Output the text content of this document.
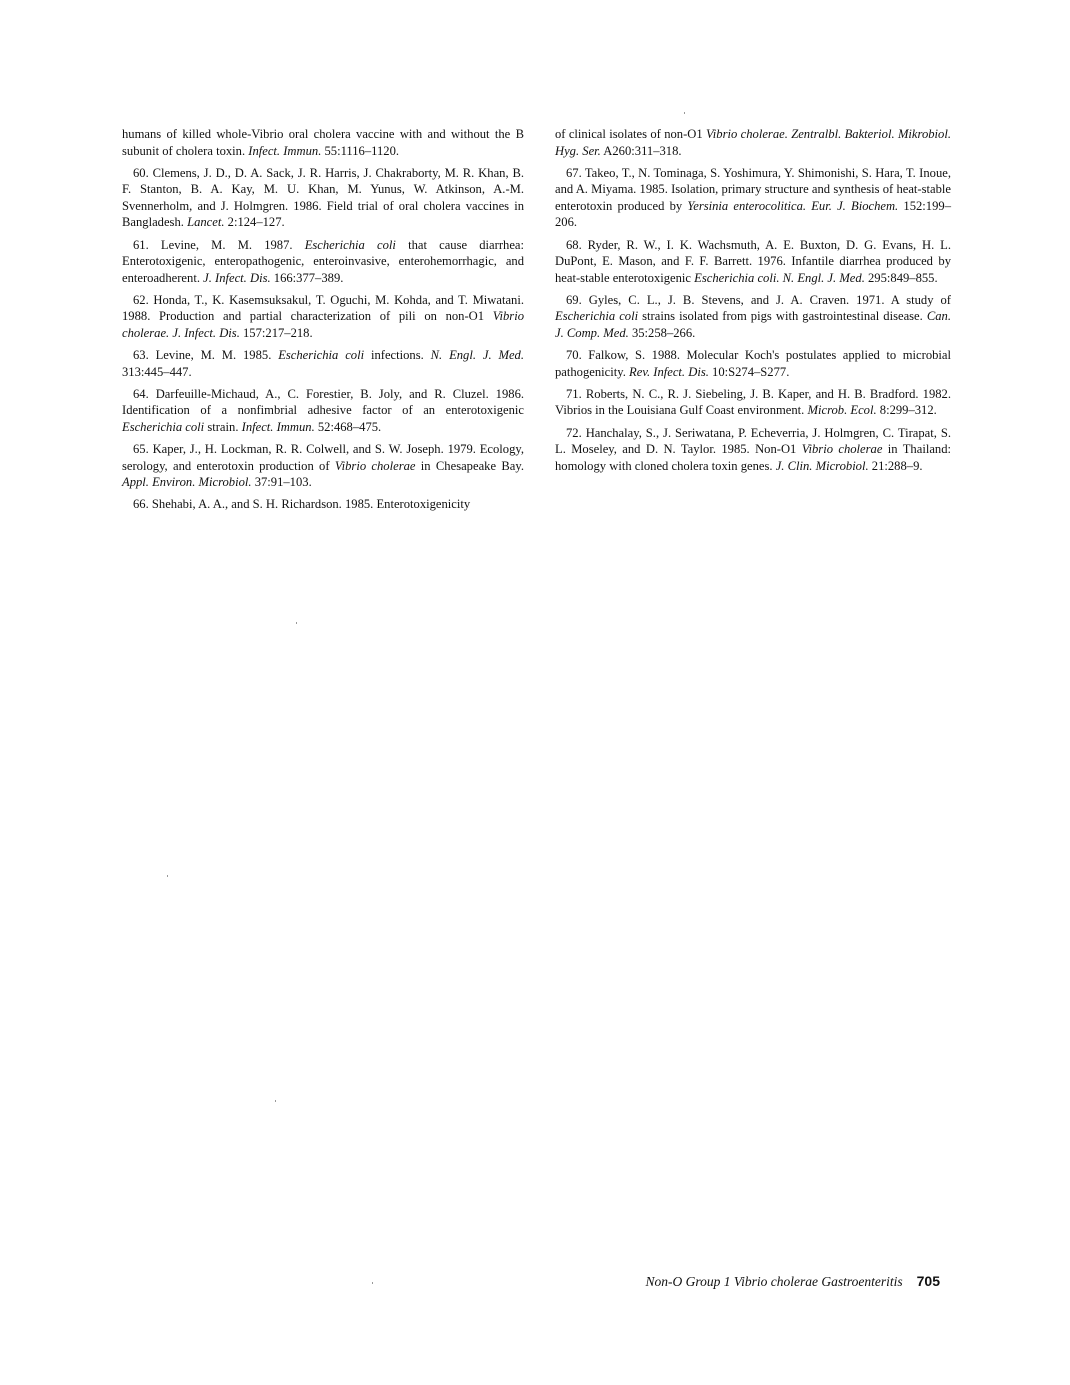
humans of killed whole-Vibrio oral cholera vaccine with and without the B subunit of cholera toxin. Infect. Immun. 55:1116–1120.

60. Clemens, J. D., D. A. Sack, J. R. Harris, J. Chakraborty, M. R. Khan, B. F. Stanton, B. A. Kay, M. U. Khan, M. Yunus, W. Atkinson, A.-M. Svennerholm, and J. Holmgren. 1986. Field trial of oral cholera vaccines in Bangladesh. Lancet. 2:124–127.

61. Levine, M. M. 1987. Escherichia coli that cause diarrhea: Enterotoxigenic, enteropathogenic, enteroinvasive, enterohemorrhagic, and enteroadherent. J. Infect. Dis. 166:377–389.

62. Honda, T., K. Kasemsuksakul, T. Oguchi, M. Kohda, and T. Miwatani. 1988. Production and partial characterization of pili on non-O1 Vibrio cholerae. J. Infect. Dis. 157:217–218.

63. Levine, M. M. 1985. Escherichia coli infections. N. Engl. J. Med. 313:445–447.

64. Darfeuille-Michaud, A., C. Forestier, B. Joly, and R. Cluzel. 1986. Identification of a nonfimbrial adhesive factor of an enterotoxigenic Escherichia coli strain. Infect. Immun. 52:468–475.

65. Kaper, J., H. Lockman, R. R. Colwell, and S. W. Joseph. 1979. Ecology, serology, and enterotoxin production of Vibrio cholerae in Chesapeake Bay. Appl. Environ. Microbiol. 37:91–103.

66. Shehabi, A. A., and S. H. Richardson. 1985. Enterotoxigenicity

of clinical isolates of non-O1 Vibrio cholerae. Zentralbl. Bakteriol. Mikrobiol. Hyg. Ser. A260:311–318.

67. Takeo, T., N. Tominaga, S. Yoshimura, Y. Shimonishi, S. Hara, T. Inoue, and A. Miyama. 1985. Isolation, primary structure and synthesis of heat-stable enterotoxin produced by Yersinia enterocolitica. Eur. J. Biochem. 152:199–206.

68. Ryder, R. W., I. K. Wachsmuth, A. E. Buxton, D. G. Evans, H. L. DuPont, E. Mason, and F. F. Barrett. 1976. Infantile diarrhea produced by heat-stable enterotoxigenic Escherichia coli. N. Engl. J. Med. 295:849–855.

69. Gyles, C. L., J. B. Stevens, and J. A. Craven. 1971. A study of Escherichia coli strains isolated from pigs with gastrointestinal disease. Can. J. Comp. Med. 35:258–266.

70. Falkow, S. 1988. Molecular Koch's postulates applied to microbial pathogenicity. Rev. Infect. Dis. 10:S274–S277.

71. Roberts, N. C., R. J. Siebeling, J. B. Kaper, and H. B. Bradford. 1982. Vibrios in the Louisiana Gulf Coast environment. Microb. Ecol. 8:299–312.

72. Hanchalay, S., J. Seriwatana, P. Echeverria, J. Holmgren, C. Tirapat, S. L. Moseley, and D. N. Taylor. 1985. Non-O1 Vibrio cholerae in Thailand: homology with cloned cholera toxin genes. J. Clin. Microbiol. 21:288–9.

Non-O Group 1 Vibrio cholerae Gastroenteritis 705
